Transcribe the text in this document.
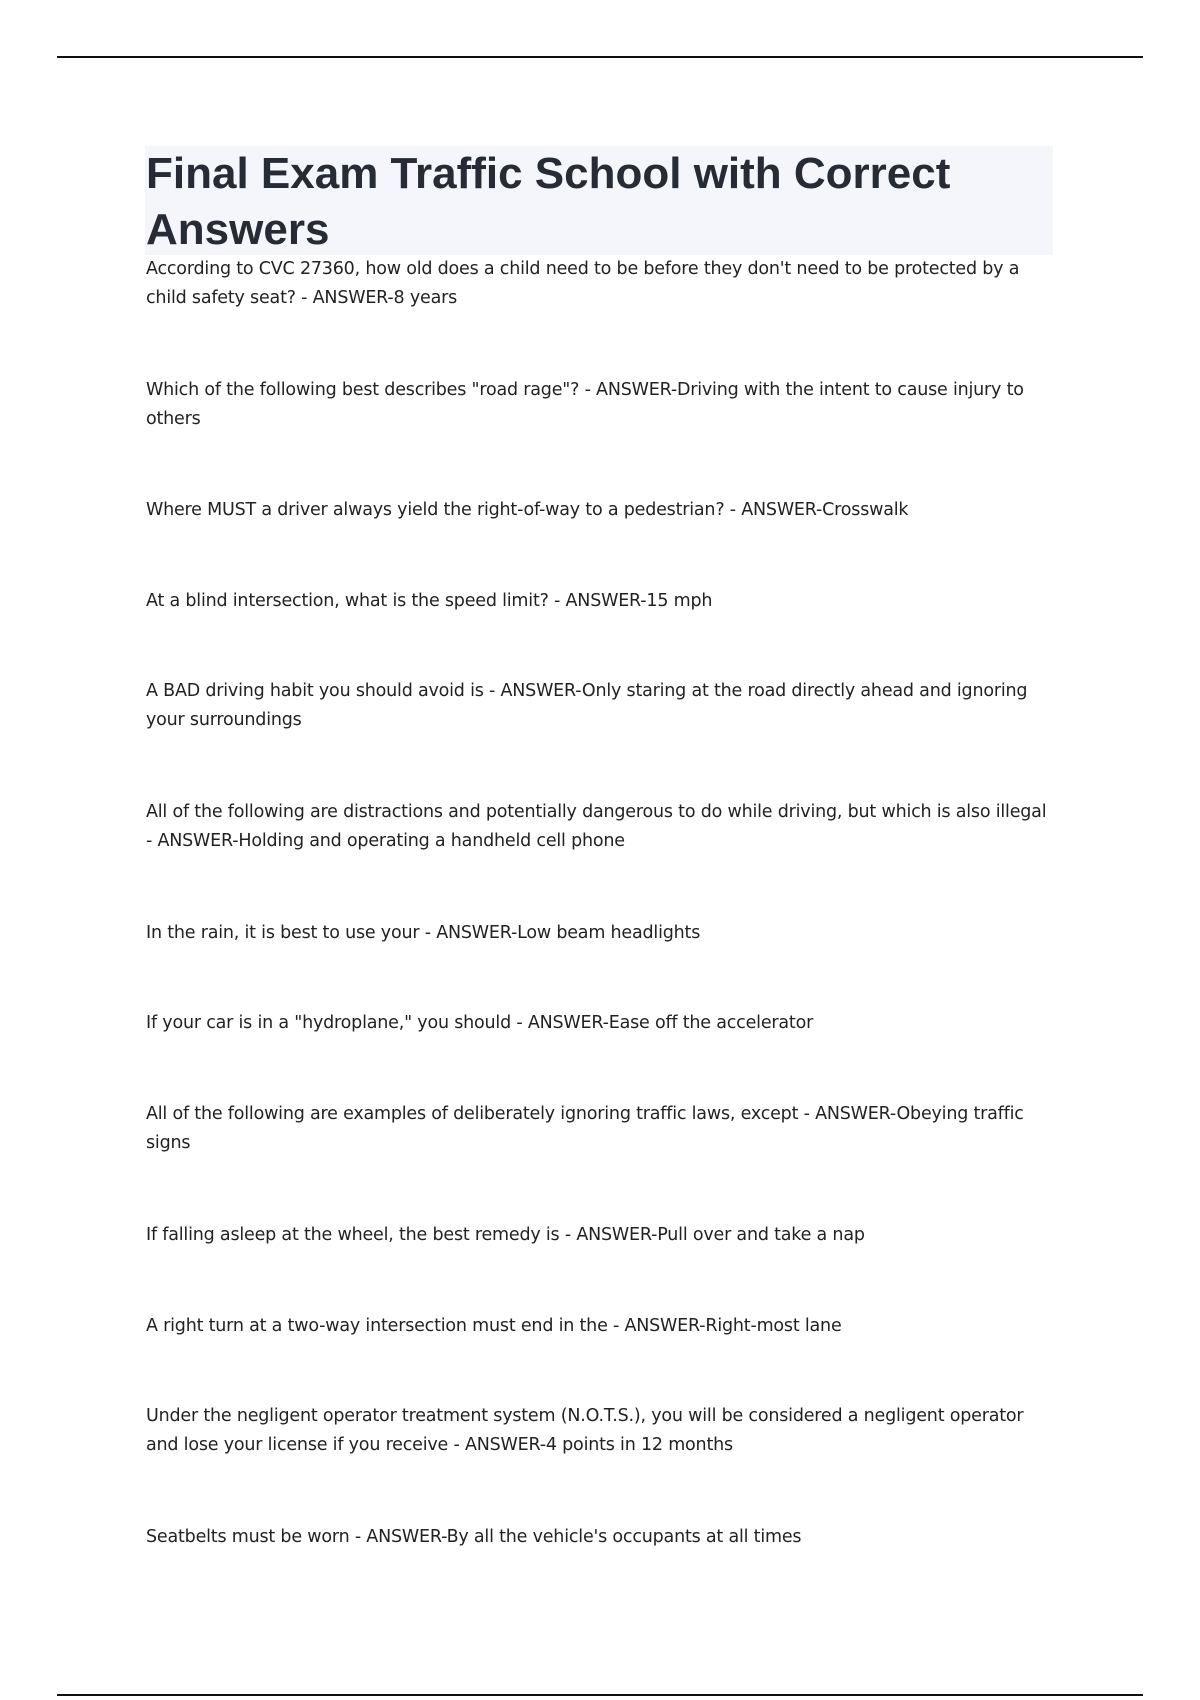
Final Exam Traffic School with Correct Answers
According to CVC 27360, how old does a child need to be before they don't need to be protected by a child safety seat? - ANSWER-8 years
Which of the following best describes "road rage"? - ANSWER-Driving with the intent to cause injury to others
Where MUST a driver always yield the right-of-way to a pedestrian? - ANSWER-Crosswalk
At a blind intersection, what is the speed limit? - ANSWER-15 mph
A BAD driving habit you should avoid is - ANSWER-Only staring at the road directly ahead and ignoring your surroundings
All of the following are distractions and potentially dangerous to do while driving, but which is also illegal - ANSWER-Holding and operating a handheld cell phone
In the rain, it is best to use your - ANSWER-Low beam headlights
If your car is in a "hydroplane," you should - ANSWER-Ease off the accelerator
All of the following are examples of deliberately ignoring traffic laws, except - ANSWER-Obeying traffic signs
If falling asleep at the wheel, the best remedy is - ANSWER-Pull over and take a nap
A right turn at a two-way intersection must end in the - ANSWER-Right-most lane
Under the negligent operator treatment system (N.O.T.S.), you will be considered a negligent operator and lose your license if you receive - ANSWER-4 points in 12 months
Seatbelts must be worn - ANSWER-By all the vehicle's occupants at all times
